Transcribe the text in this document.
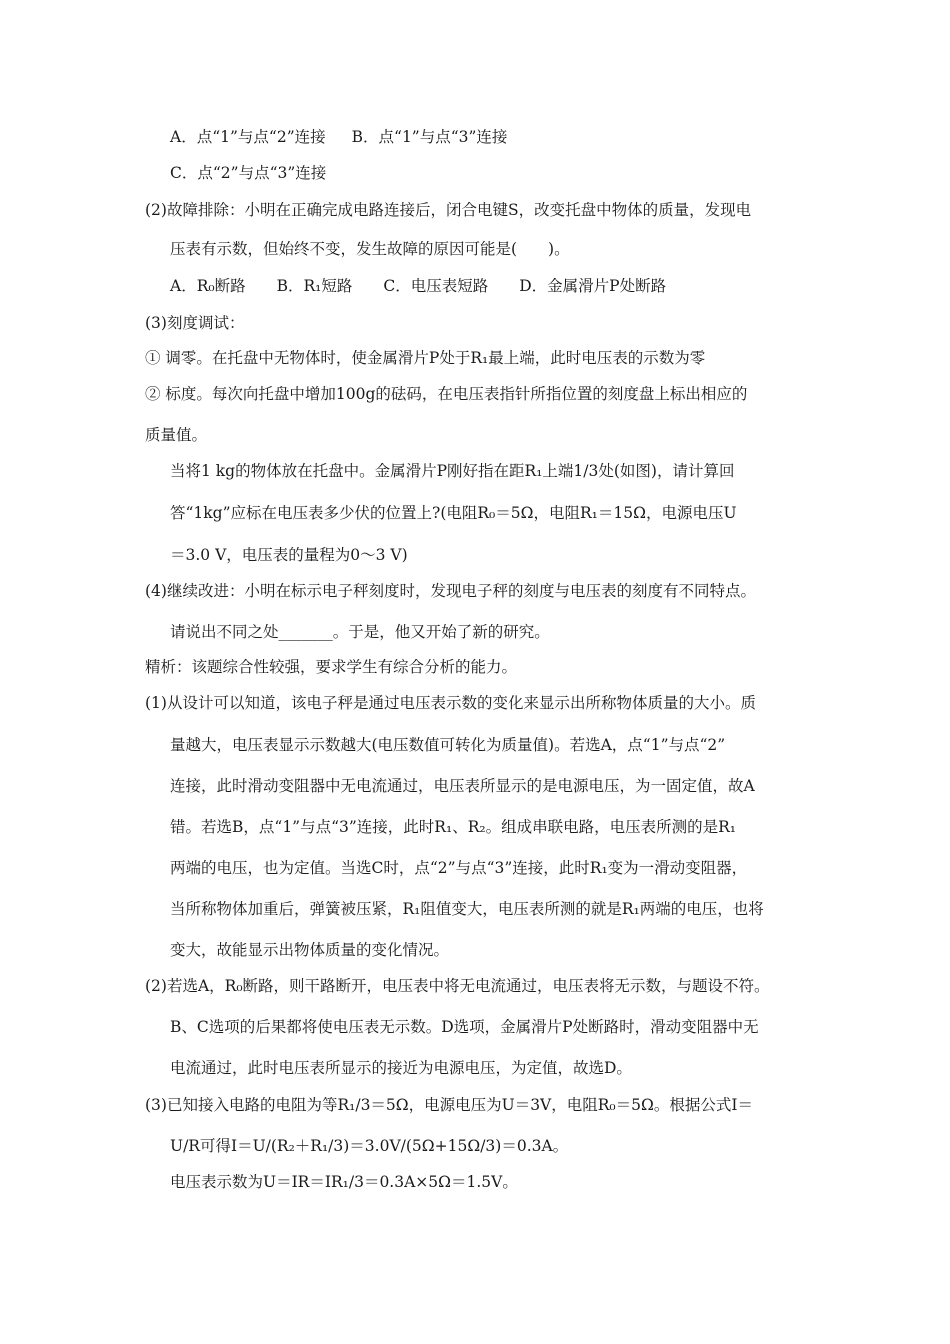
A．点“1”与点“2”连接 B．点“1”与点“3”连接
C．点“2”与点“3”连接
(2)故障排除：小明在正确完成电路连接后，闭合电键S，改变托盘中物体的质量，发现电
压表有示数，但始终不变，发生故障的原因可能是(　　)。
A．R₀断路　　B．R₁短路　　C．电压表短路　　D．金属滑片P处断路
(3)刻度调试：
① 调零。在托盘中无物体时，使金属滑片P处于R₁最上端，此时电压表的示数为零
② 标度。每次向托盘中增加100g的砝码，在电压表指针所指位置的刻度盘上标出相应的
质量值。
当将1 kg的物体放在托盘中。金属滑片P刚好指在距R₁上端1/3处(如图)，请计算回
答“1kg”应标在电压表多少伏的位置上?(电阻R₀＝5Ω，电阻R₁＝15Ω，电源电压U
＝3.0 V，电压表的量程为0～3 V)
(4)继续改进：小明在标示电子秤刻度时，发现电子秤的刻度与电压表的刻度有不同特点。
请说出不同之处_______。于是，他又开始了新的研究。
精析：该题综合性较强，要求学生有综合分析的能力。
(1)从设计可以知道，该电子秤是通过电压表示数的变化来显示出所称物体质量的大小。质
量越大，电压表显示示数越大(电压数值可转化为质量值)。若选A，点“1”与点“2”
连接，此时滑动变阻器中无电流通过，电压表所显示的是电源电压，为一固定值，故A
错。若选B，点“1”与点“3”连接，此时R₁、R₂。组成串联电路，电压表所测的是R₁
两端的电压，也为定值。当选C时，点“2”与点“3”连接，此时R₁变为一滑动变阻器，
当所称物体加重后，弹簧被压紧，R₁阻值变大，电压表所测的就是R₁两端的电压，也将
变大，故能显示出物体质量的变化情况。
(2)若选A，R₀断路，则干路断开，电压表中将无电流通过，电压表将无示数，与题设不符。
B、C选项的后果都将使电压表无示数。D选项，金属滑片P处断路时，滑动变阻器中无
电流通过，此时电压表所显示的接近为电源电压，为定值，故选D。
(3)已知接入电路的电阻为等R₁/3＝5Ω，电源电压为U＝3V，电阻R₀＝5Ω。根据公式I＝
U/R可得I＝U/(R₂＋R₁/3)＝3.0V/(5Ω+15Ω/3)＝0.3A。
电压表示数为U＝IR＝IR₁/3＝0.3A×5Ω＝1.5V。
